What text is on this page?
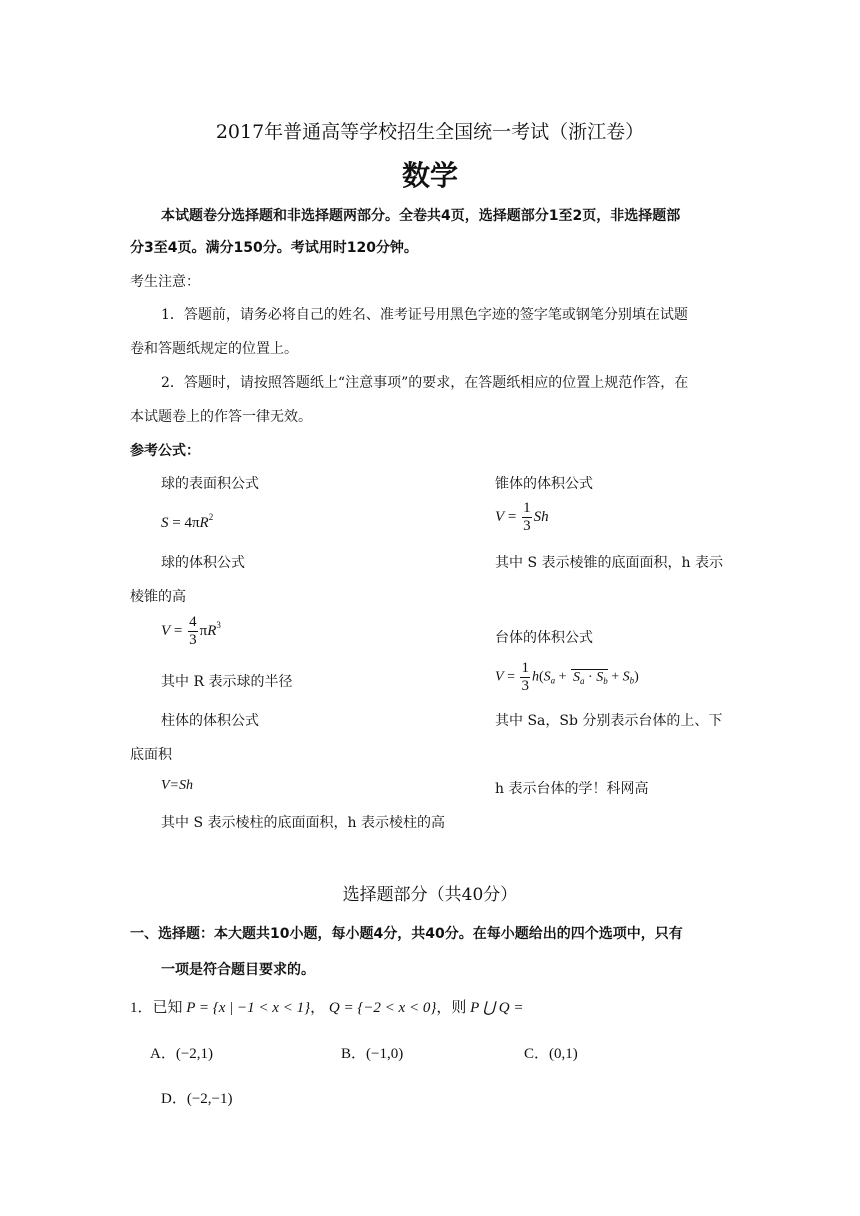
2017年普通高等学校招生全国统一考试（浙江卷）
数学
本试题卷分选择题和非选择题两部分。全卷共4页，选择题部分1至2页，非选择题部
分3至4页。满分150分。考试用时120分钟。
考生注意：
1．答题前，请务必将自己的姓名、准考证号用黑色字迹的签字笔或钢笔分别填在试题
卷和答题纸规定的位置上。
2．答题时，请按照答题纸上“注意事项”的要求，在答题纸相应的位置上规范作答，在
本试题卷上的作答一律无效。
参考公式：
球的表面积公式
$S = 4\pi R^2$
球的体积公式
棱锥的高
$V = \frac{4}{3} \pi R^3$
其中 R 表示球的半径
柱体的体积公式
底面积
V=Sh
其中 S 表示棱柱的底面面积，h 表示棱柱的高
锥体的体积公式
$V = \frac{1}{3}$ Sh
其中 S 表示棱锥的底面面积，h 表示
台体的体积公式
$V = \frac{1}{3} h(S_a + S_a \cdot S_b + S_b)$
其中 Sa，Sb 分别表示台体的上、下
h 表示台体的学！科网高
选择题部分（共40分）
一、选择题：本大题共10小题，每小题4分，共40分。在每小题给出的四个选项中，只有
一项是符合题目要求的。
1．已知 P = {x | −1 < x < 1}， Q = {−2 < x < 0}，则 P ⋃ Q =
A．(−2,1)	B．(−1,0)	C．(0,1)
D．(−2,−1)
